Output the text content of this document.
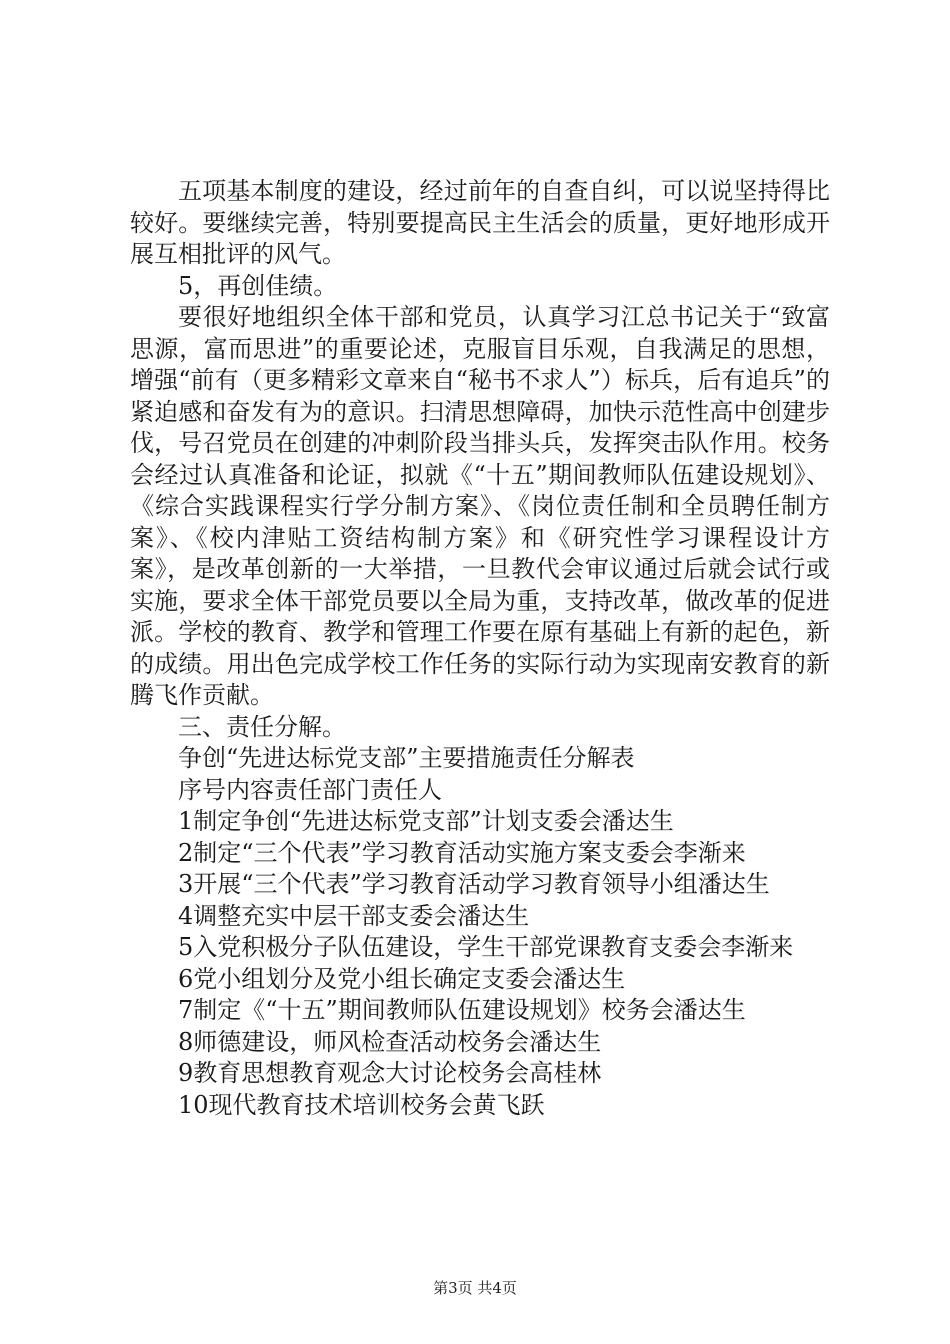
五项基本制度的建设，经过前年的自查自纠，可以说坚持得比较好。要继续完善，特别要提高民主生活会的质量，更好地形成开展互相批评的风气。

5，再创佳绩。

要很好地组织全体干部和党员，认真学习江总书记关于“致富思源，富而思进”的重要论述，克服盲目乐观，自我满足的思想，增强“前有（更多精彩文章来自“秘书不求人”）标兵，后有追兵”的紧迫感和奋发有为的意识。扫清思想障碍，加快示范性高中创建步伐，号召党员在创建的冲刺阶段当排头兵，发挥突击队作用。校务会经过认真准备和论证，拟就《“十五”期间教师队伍建设规划》、《综合实践课程实行学分制方案》、《岗位责任制和全员聘任制方案》、《校内津贴工资结构制方案》和《研究性学习课程设计方案》，是改革创新的一大举措，一旦教代会审议通过后就会试行或实施，要求全体干部党员要以全局为重，支持改革，做改革的促进派。学校的教育、教学和管理工作要在原有基础上有新的起色，新的成绩。用出色完成学校工作任务的实际行动为实现南安教育的新腾飞作贡献。

三、责任分解。

争创“先进达标党支部”主要措施责任分解表

序号内容责任部门责任人

1制定争创“先进达标党支部”计划支委会潘达生

2制定“三个代表”学习教育活动实施方案支委会李渐来

3开展“三个代表”学习教育活动学习教育领导小组潘达生

4调整充实中层干部支委会潘达生

5入党积极分子队伍建设，学生干部党课教育支委会李渐来

6党小组划分及党小组长确定支委会潘达生

7制定《“十五”期间教师队伍建设规划》校务会潘达生

8师德建设，师风检查活动校务会潘达生

9教育思想教育观念大讨论校务会高桂林

10现代教育技术培训校务会黄飞跃

第3页 共4页
